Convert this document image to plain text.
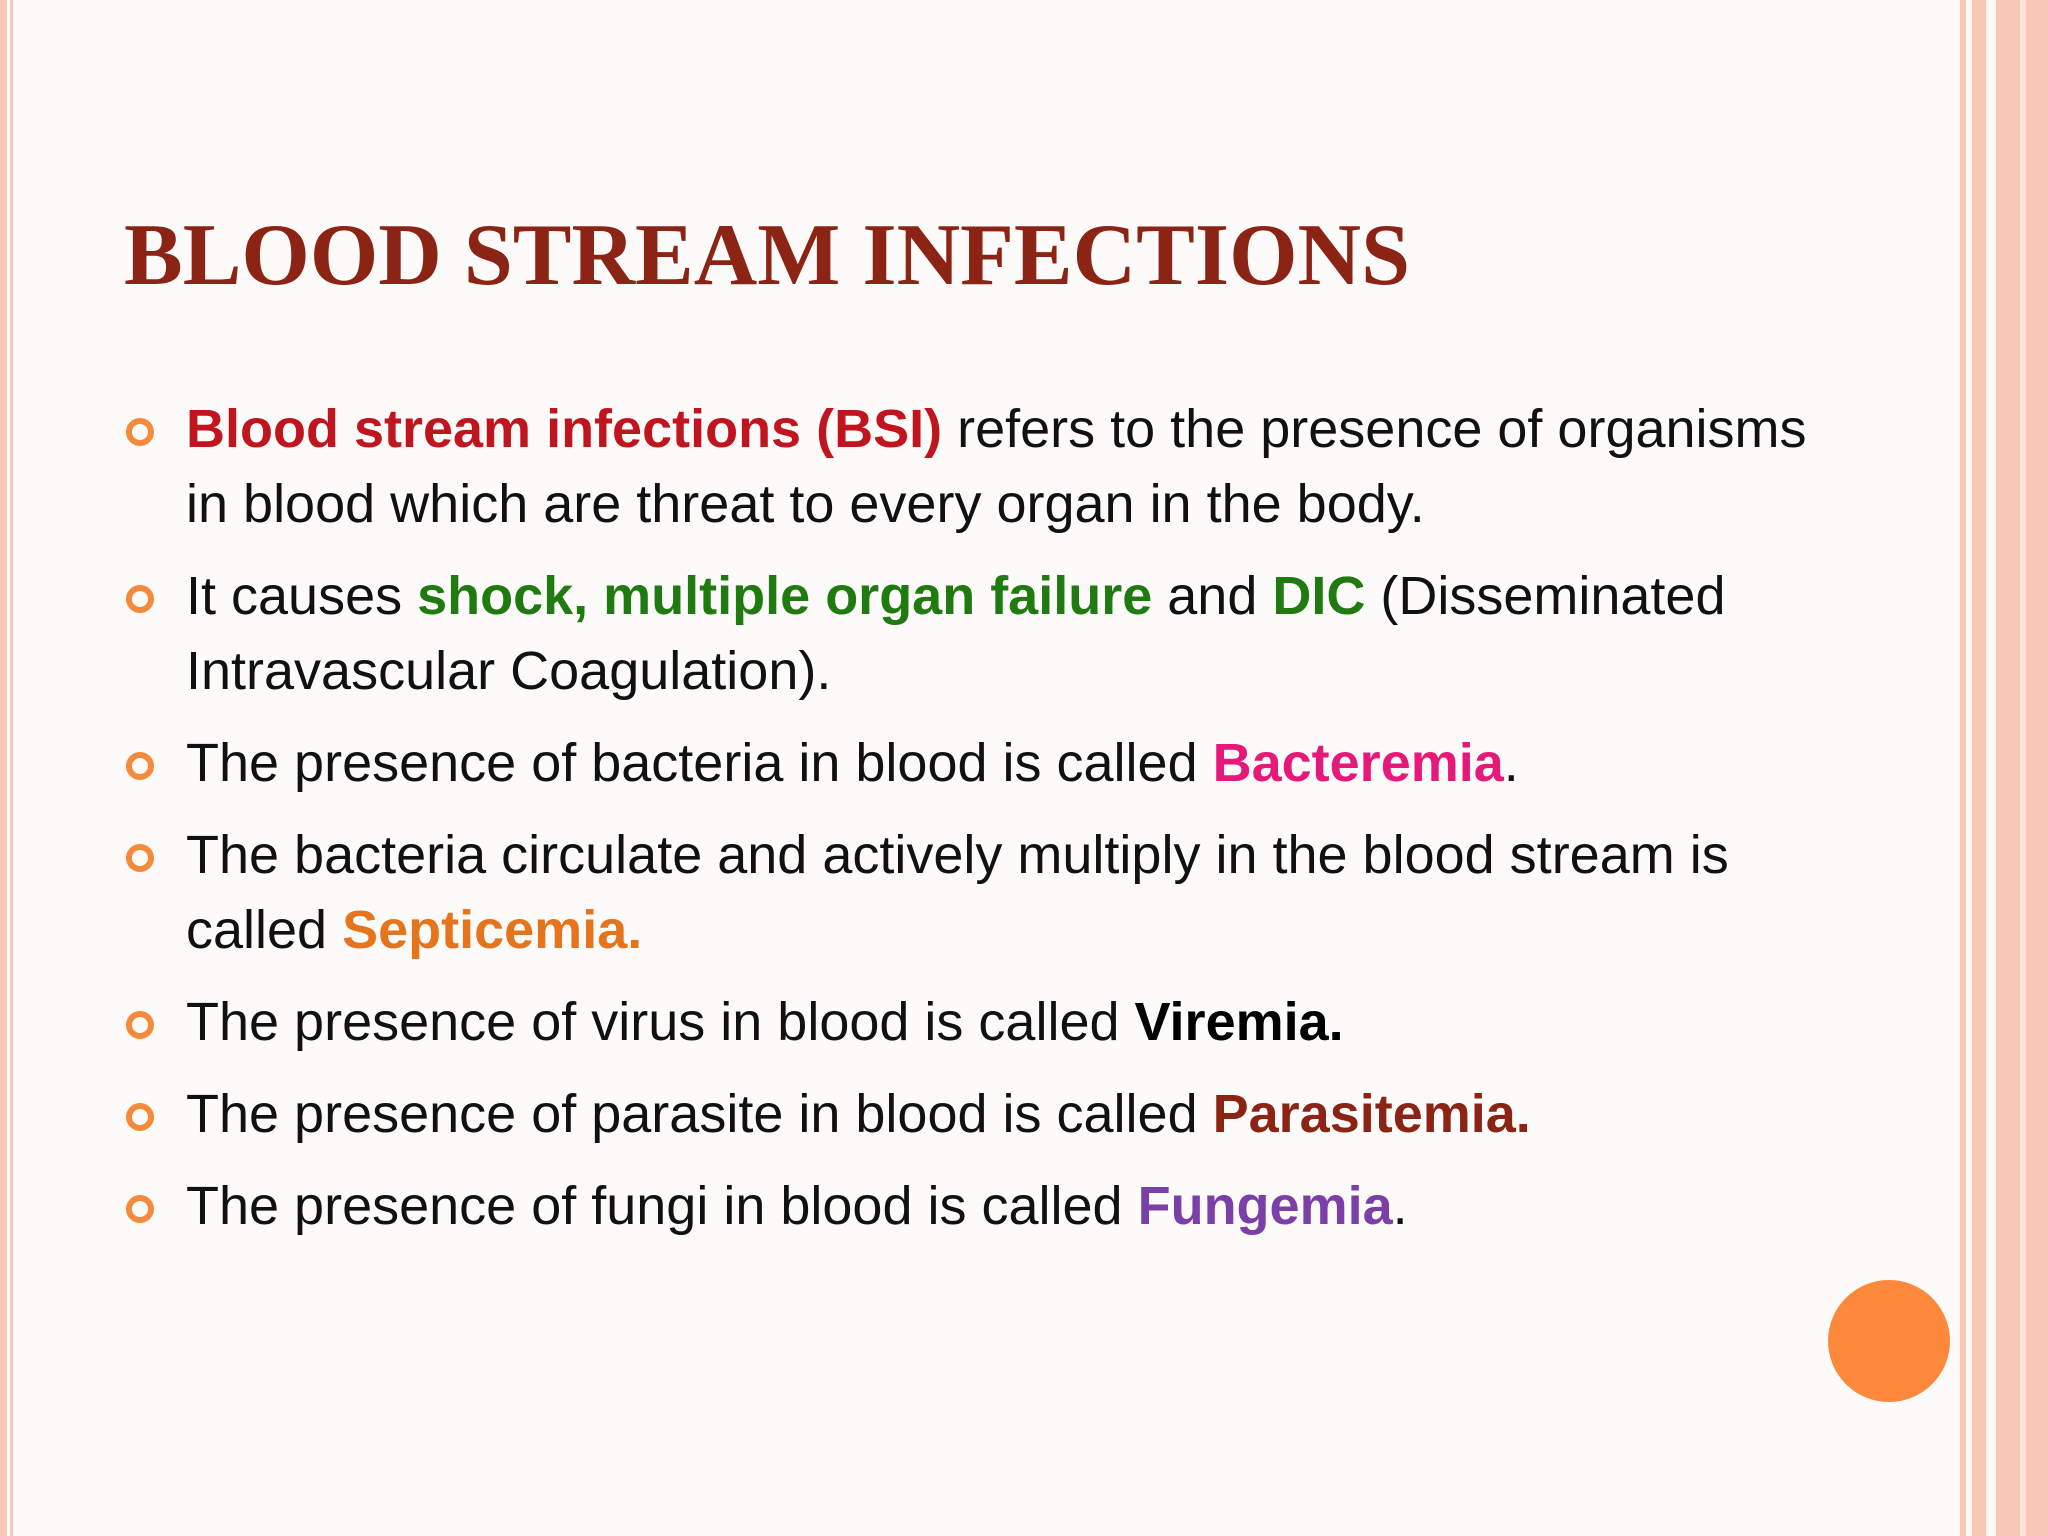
BLOOD STREAM INFECTIONS
Blood stream infections (BSI) refers to the presence of organisms in blood which are threat to every organ in the body.
It causes shock, multiple organ failure and DIC (Disseminated Intravascular Coagulation).
The presence of bacteria in blood is called Bacteremia.
The bacteria circulate and actively multiply in the blood stream is called Septicemia.
The presence of virus in blood is called Viremia.
The presence of parasite in blood is called Parasitemia.
The presence of fungi in blood is called Fungemia.
